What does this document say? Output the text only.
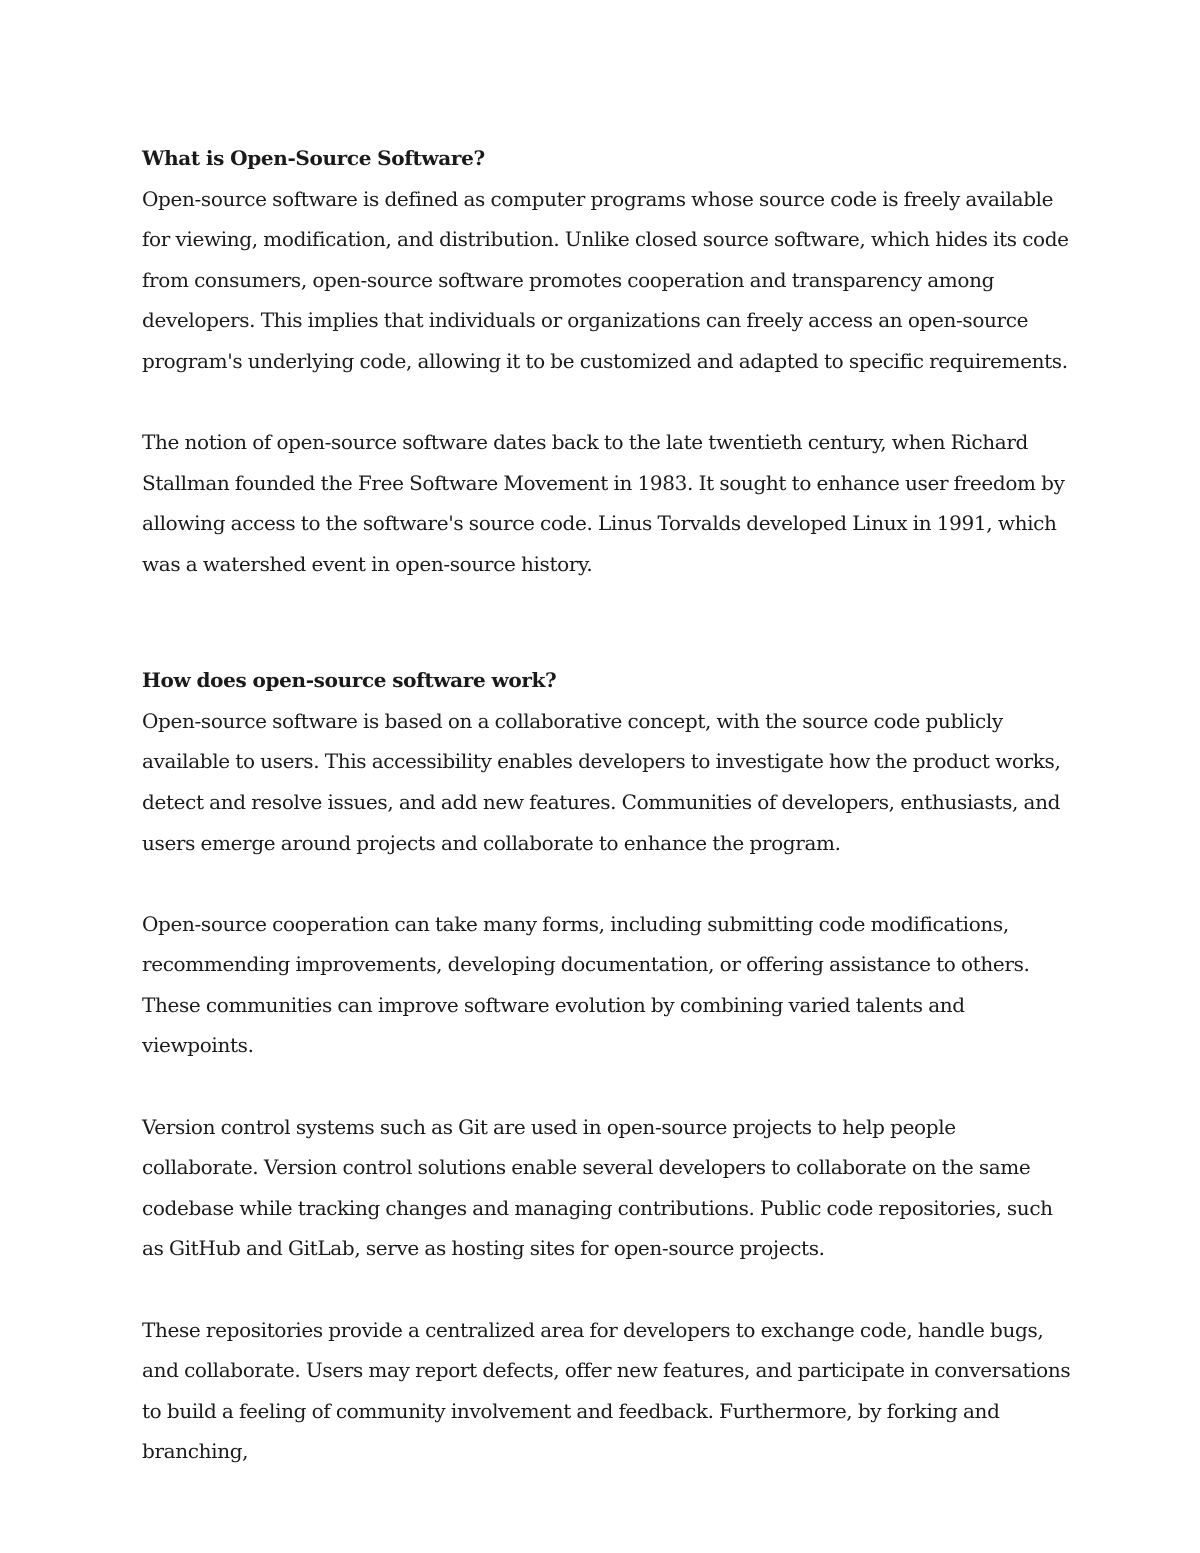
What is Open-Source Software?

Open-source software is defined as computer programs whose source code is freely available for viewing, modification, and distribution. Unlike closed source software, which hides its code from consumers, open-source software promotes cooperation and transparency among developers. This implies that individuals or organizations can freely access an open-source program's underlying code, allowing it to be customized and adapted to specific requirements.

The notion of open-source software dates back to the late twentieth century, when Richard Stallman founded the Free Software Movement in 1983. It sought to enhance user freedom by allowing access to the software's source code. Linus Torvalds developed Linux in 1991, which was a watershed event in open-source history.

How does open-source software work?

Open-source software is based on a collaborative concept, with the source code publicly available to users. This accessibility enables developers to investigate how the product works, detect and resolve issues, and add new features. Communities of developers, enthusiasts, and users emerge around projects and collaborate to enhance the program.

Open-source cooperation can take many forms, including submitting code modifications, recommending improvements, developing documentation, or offering assistance to others. These communities can improve software evolution by combining varied talents and viewpoints.

Version control systems such as Git are used in open-source projects to help people collaborate. Version control solutions enable several developers to collaborate on the same codebase while tracking changes and managing contributions. Public code repositories, such as GitHub and GitLab, serve as hosting sites for open-source projects.

These repositories provide a centralized area for developers to exchange code, handle bugs, and collaborate. Users may report defects, offer new features, and participate in conversations to build a feeling of community involvement and feedback. Furthermore, by forking and branching,
